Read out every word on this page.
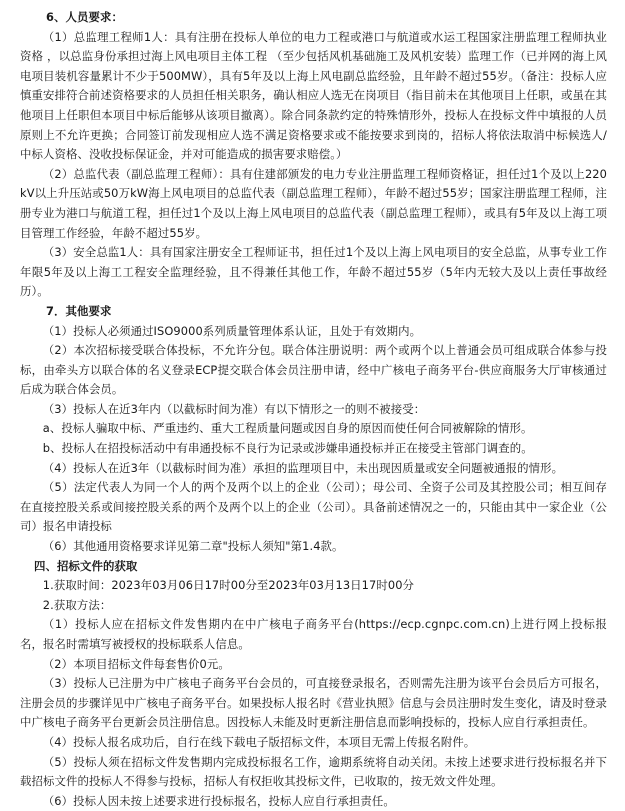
6、人员要求：

（1）总监理工程师1人：具有注册在投标人单位的电力工程或港口与航道或水运工程国家注册监理工程师执业资格 ，以总监身份承担过海上风电项目主体工程 （至少包括风机基础施工及风机安装）监理工作（已并网的海上风电项目装机容量累计不少于500MW），具有5年及以上海上风电副总监经验，且年龄不超过55岁。（备注：投标人应慎重安排符合前述资格要求的人员担任相关职务，确认相应人选无在岗项目（指目前未在其他项目上任职，或虽在其他项目上任职但本项目中标后能够从该项目撤离）。除合同条款约定的特殊情形外，投标人在投标文件中填报的人员原则上不允许更换；合同签订前发现相应人选不满足资格要求或不能按要求到岗的，招标人将依法取消中标候选人/中标人资格、没收投标保证金，并对可能造成的损害要求赔偿。）

（2）总监代表（副总监理工程师）：具有住建部颁发的电力专业注册监理工程师资格证，担任过1个及以上220kV以上升压站或50万kW海上风电项目的总监代表（副总监理工程师），年龄不超过55岁；国家注册监理工程师，注册专业为港口与航道工程，担任过1个及以上海上风电项目的总监代表（副总监理工程师），或具有5年及以上海工项目管理工作经验，年龄不超过55岁。

（3）安全总监1人：具有国家注册安全工程师证书，担任过1个及以上海上风电项目的安全总监，从事专业工作年限5年及以上海工工程安全监理经验，且不得兼任其他工作，年龄不超过55岁（5年内无较大及以上责任事故经历）。

7．其他要求

（1）投标人必须通过ISO9000系列质量管理体系认证，且处于有效期内。

（2）本次招标接受联合体投标，不允许分包。联合体注册说明：两个或两个以上普通会员可组成联合体参与投标，由牵头方以联合体的名义登录ECP提交联合体会员注册申请，经中广核电子商务平台-供应商服务大厅审核通过后成为联合体会员。

（3）投标人在近3年内（以截标时间为准）有以下情形之一的则不被接受：

a、投标人骗取中标、严重违约、重大工程质量问题或因自身的原因而使任何合同被解除的情形。

b、投标人在招投标活动中有串通投标不良行为记录或涉嫌串通投标并正在接受主管部门调查的。

（4）投标人在近3年（以截标时间为准）承担的监理项目中，未出现因质量或安全问题被通报的情形。

（5）法定代表人为同一个人的两个及两个以上的企业（公司）；母公司、全资子公司及其控股公司；相互间存在直接控股关系或间接控股关系的两个及两个以上的企业（公司）。具备前述情况之一的，只能由其中一家企业（公司）报名申请投标

（6）其他通用资格要求详见第二章"投标人须知"第1.4款。

四、招标文件的获取

1.获取时间：2023年03月06日17时00分至2023年03月13日17时00分

2.获取方法：

（1）投标人应在招标文件发售期内在中广核电子商务平台(https://ecp.cgnpc.com.cn)上进行网上投标报名，报名时需填写被授权的投标联系人信息。

（2）本项目招标文件每套售价0元。

（3）投标人已注册为中广核电子商务平台会员的，可直接登录报名，否则需先注册为该平台会员后方可报名，注册会员的步骤详见中广核电子商务平台。如果投标人报名时《营业执照》信息与会员注册时发生变化，请及时登录中广核电子商务平台更新会员注册信息。因投标人未能及时更新注册信息而影响投标的，投标人应自行承担责任。

（4）投标人报名成功后，自行在线下载电子版招标文件，本项目无需上传报名附件。

（5）投标人须在招标文件发售期内完成投标报名工作，逾期系统将自动关闭。未按上述要求进行投标报名并下载招标文件的投标人不得参与投标，招标人有权拒收其投标文件，已收取的，按无效文件处理。

（6）投标人因未按上述要求进行投标报名，投标人应自行承担责任。
